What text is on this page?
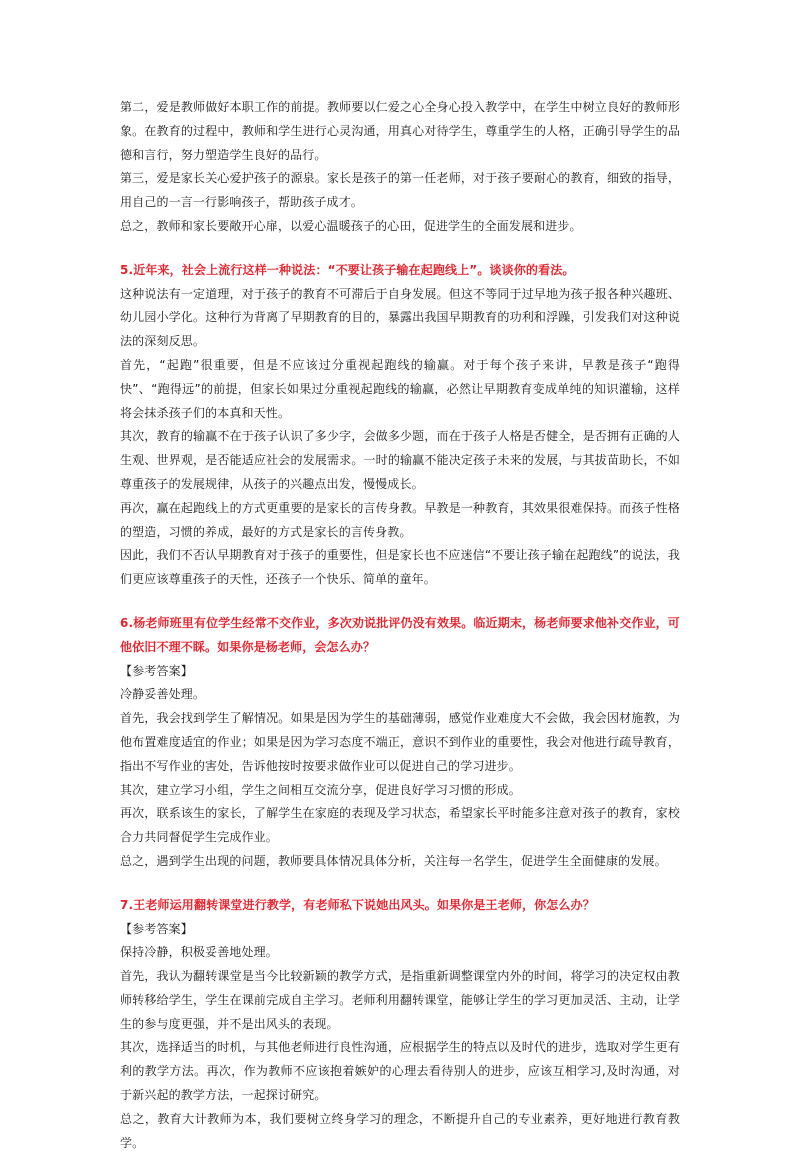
第二，爱是教师做好本职工作的前提。教师要以仁爱之心全身心投入教学中，在学生中树立良好的教师形象。在教育的过程中，教师和学生进行心灵沟通，用真心对待学生，尊重学生的人格，正确引导学生的品德和言行，努力塑造学生良好的品行。

第三，爱是家长关心爱护孩子的源泉。家长是孩子的第一任老师，对于孩子要耐心的教育，细致的指导，用自己的一言一行影响孩子，帮助孩子成才。

总之，教师和家长要敞开心扉，以爱心温暖孩子的心田，促进学生的全面发展和进步。

5.近年来，社会上流行这样一种说法：“不要让孩子输在起跑线上”。谈谈你的看法。

这种说法有一定道理，对于孩子的教育不可滞后于自身发展。但这不等同于过早地为孩子报各种兴趣班、幼儿园小学化。这种行为背离了早期教育的目的，暴露出我国早期教育的功利和浮躁，引发我们对这种说法的深刻反思。

首先，“起跑”很重要，但是不应该过分重视起跑线的输赢。对于每个孩子来讲，早教是孩子“跑得快”、“跑得远”的前提，但家长如果过分重视起跑线的输赢，必然让早期教育变成单纯的知识灌输，这样将会抹杀孩子们的本真和天性。

其次，教育的输赢不在于孩子认识了多少字，会做多少题，而在于孩子人格是否健全，是否拥有正确的人生观、世界观，是否能适应社会的发展需求。一时的输赢不能决定孩子未来的发展，与其拔苗助长，不如尊重孩子的发展规律，从孩子的兴趣点出发，慢慢成长。

再次，赢在起跑线上的方式更重要的是家长的言传身教。早教是一种教育，其效果很难保持。而孩子性格的塑造，习惯的养成，最好的方式是家长的言传身教。

因此，我们不否认早期教育对于孩子的重要性，但是家长也不应迷信“不要让孩子输在起跑线”的说法，我们更应该尊重孩子的天性，还孩子一个快乐、简单的童年。

6.杨老师班里有位学生经常不交作业，多次劝说批评仍没有效果。临近期末，杨老师要求他补交作业，可他依旧不理不睬。如果你是杨老师，会怎么办？

【参考答案】

冷静妥善处理。

首先，我会找到学生了解情况。如果是因为学生的基础薄弱，感觉作业难度大不会做，我会因材施教，为他布置难度适宜的作业；如果是因为学习态度不端正，意识不到作业的重要性，我会对他进行疏导教育，指出不写作业的害处，告诉他按时按要求做作业可以促进自己的学习进步。

其次，建立学习小组，学生之间相互交流分享，促进良好学习习惯的形成。

再次，联系该生的家长，了解学生在家庭的表现及学习状态，希望家长平时能多注意对孩子的教育，家校合力共同督促学生完成作业。

总之，遇到学生出现的问题，教师要具体情况具体分析，关注每一名学生，促进学生全面健康的发展。

7.王老师运用翻转课堂进行教学，有老师私下说她出风头。如果你是王老师，你怎么办？

【参考答案】

保持冷静，积极妥善地处理。

首先，我认为翻转课堂是当今比较新颖的教学方式，是指重新调整课堂内外的时间，将学习的决定权由教师转移给学生，学生在课前完成自主学习。老师利用翻转课堂，能够让学生的学习更加灵活、主动，让学生的参与度更强，并不是出风头的表现。

其次，选择适当的时机，与其他老师进行良性沟通，应根据学生的特点以及时代的进步，选取对学生更有利的教学方法。再次，作为教师不应该抱着嫉妒的心理去看待别人的进步，应该互相学习,及时沟通，对于新兴起的教学方法，一起探讨研究。

总之，教育大计教师为本，我们要树立终身学习的理念，不断提升自己的专业素养，更好地进行教育教学。
